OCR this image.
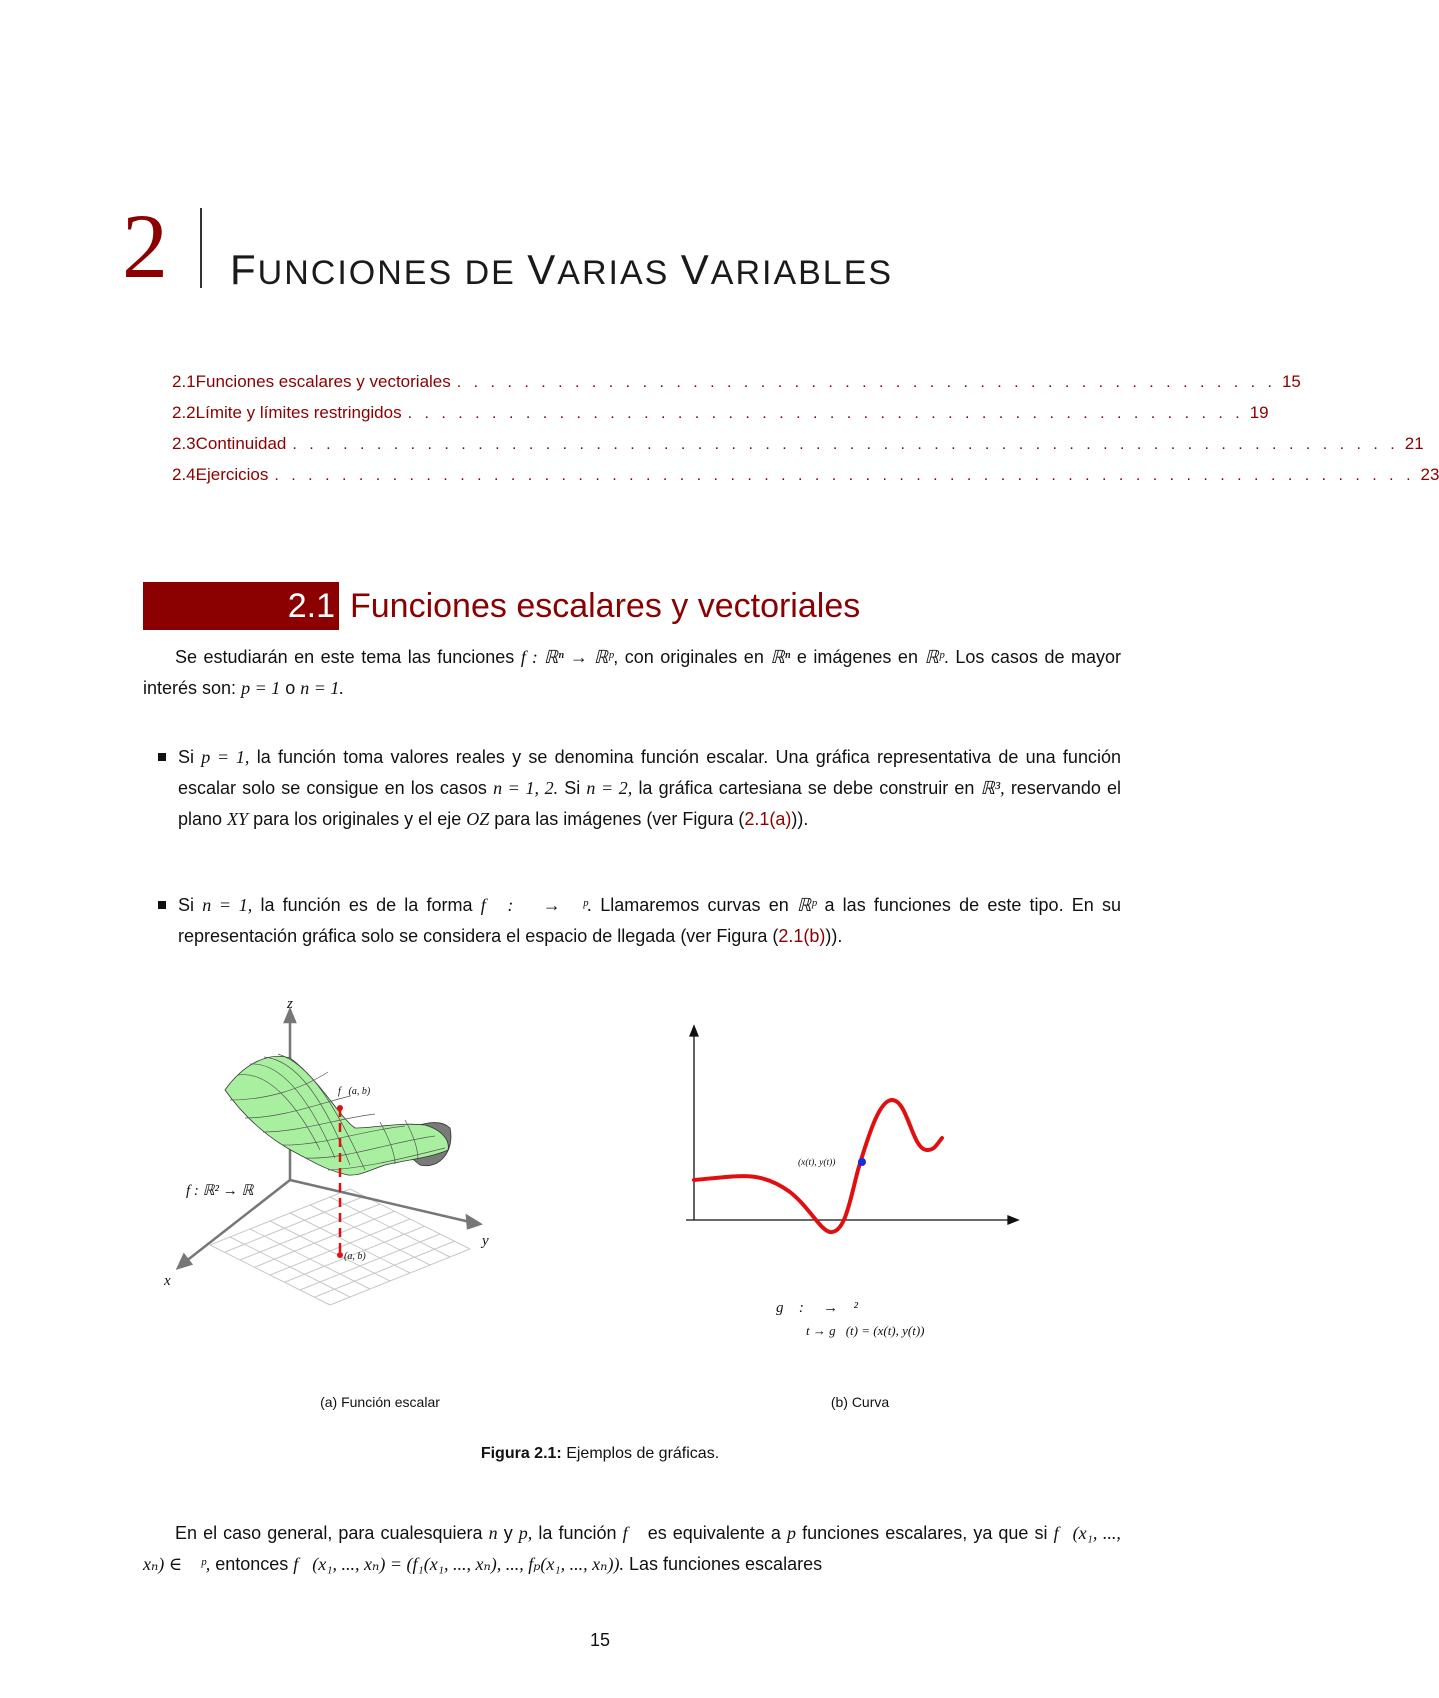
2 FUNCIONES DE VARIAS VARIABLES
2.1 Funciones escalares y vectoriales . . . . . . . . . . . . . . . . . . . . . . . . . . . . . . . . . . . . . . . . . . . . . . . . . 15
2.2 Límite y límites restringidos . . . . . . . . . . . . . . . . . . . . . . . . . . . . . . . . . . . . . . . . . . . . . . . . . . 19
2.3 Continuidad . . . . . . . . . . . . . . . . . . . . . . . . . . . . . . . . . . . . . . . . . . . . . . . . . . . . . . . . . . . . . . . . . . 21
2.4 Ejercicios . . . . . . . . . . . . . . . . . . . . . . . . . . . . . . . . . . . . . . . . . . . . . . . . . . . . . . . . . . . . . . . . . . . . 23
2.1 Funciones escalares y vectoriales
Se estudiarán en este tema las funciones f : ℝⁿ → ℝᵖ, con originales en ℝⁿ e imágenes en ℝᵖ. Los casos de mayor interés son: p = 1 o n = 1.
Si p = 1, la función toma valores reales y se denomina función escalar. Una gráfica representativa de una función escalar solo se consigue en los casos n = 1, 2. Si n = 2, la gráfica cartesiana se debe construir en ℝ³, reservando el plano XY para los originales y el eje OZ para las imágenes (ver Figura (2.1(a))).
Si n = 1, la función es de la forma f⃗ : ℝ → ℝᵖ. Llamaremos curvas en ℝᵖ a las funciones de este tipo. En su representación gráfica solo se considera el espacio de llegada (ver Figura (2.1(b))).
z
y
x
f⃗(a, b)
(a, b)
f : ℝ² → ℝ
(a) Función escalar
(x(t), y(t))
g⃗ : ℝ → ℝ²
t → g⃗(t) = (x(t), y(t))
(b) Curva
Figura 2.1: Ejemplos de gráficas.
En el caso general, para cualesquiera n y p, la función f⃗ es equivalente a p funciones escalares, ya que si f⃗(x₁, ..., xₙ) ∈ ℝᵖ, entonces f⃗(x₁, ..., xₙ) = (f₁(x₁, ..., xₙ), ..., fₚ(x₁, ..., xₙ)). Las funciones escalares
15
